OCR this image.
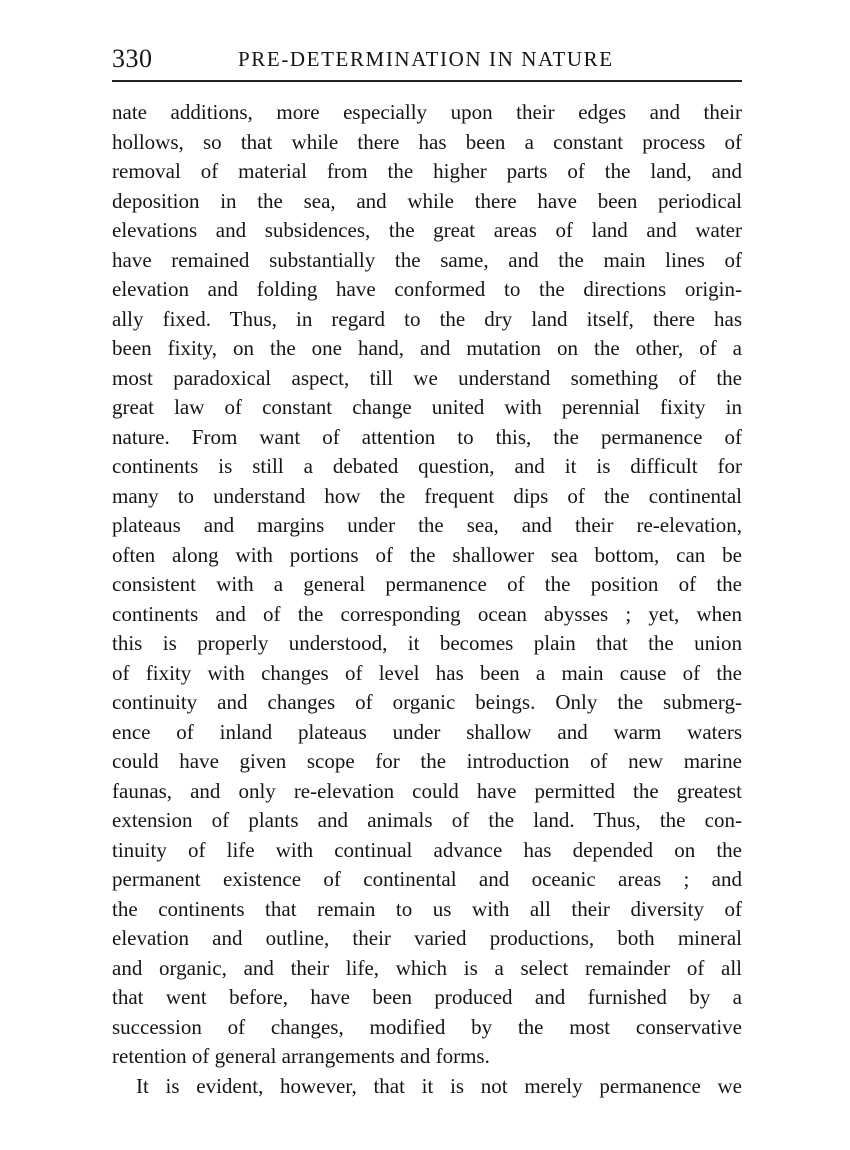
330	PRE-DETERMINATION IN NATURE
nate additions, more especially upon their edges and their
hollows, so that while there has been a constant process of
removal of material from the higher parts of the land, and
deposition in the sea, and while there have been periodical
elevations and subsidences, the great areas of land and water
have remained substantially the same, and the main lines of
elevation and folding have conformed to the directions origin-
ally fixed. Thus, in regard to the dry land itself, there has
been fixity, on the one hand, and mutation on the other, of a
most paradoxical aspect, till we understand something of the
great law of constant change united with perennial fixity in
nature. From want of attention to this, the permanence of
continents is still a debated question, and it is difficult for
many to understand how the frequent dips of the continental
plateaus and margins under the sea, and their re-elevation,
often along with portions of the shallower sea bottom, can be
consistent with a general permanence of the position of the
continents and of the corresponding ocean abysses ; yet, when
this is properly understood, it becomes plain that the union
of fixity with changes of level has been a main cause of the
continuity and changes of organic beings. Only the submerg-
ence of inland plateaus under shallow and warm waters
could have given scope for the introduction of new marine
faunas, and only re-elevation could have permitted the greatest
extension of plants and animals of the land. Thus, the con-
tinuity of life with continual advance has depended on the
permanent existence of continental and oceanic areas ; and
the continents that remain to us with all their diversity of
elevation and outline, their varied productions, both mineral
and organic, and their life, which is a select remainder of all
that went before, have been produced and furnished by a
succession of changes, modified by the most conservative
retention of general arrangements and forms.
It is evident, however, that it is not merely permanence we
